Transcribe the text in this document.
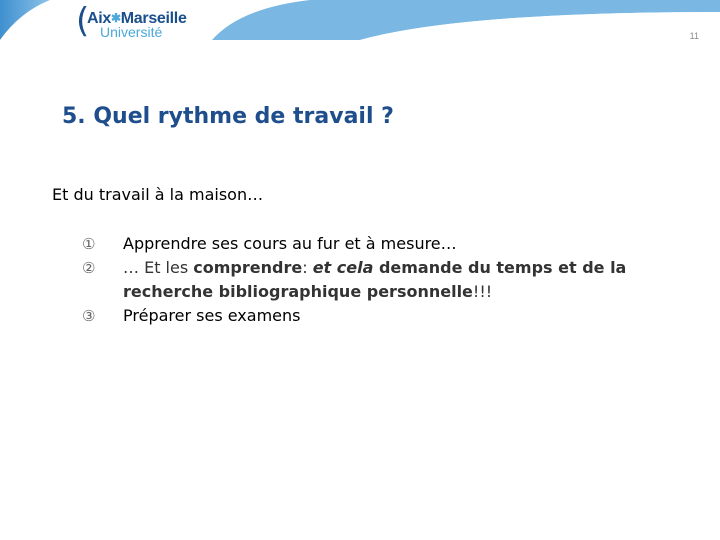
(
Aix✱Marseille
Université	11
5. Quel rythme de travail ?
Et du travail à la maison…
①	Apprendre ses cours au fur et à mesure…
②	… Et les comprendre: et cela demande du temps et de la recherche bibliographique personnelle!!!
③	Préparer ses examens
